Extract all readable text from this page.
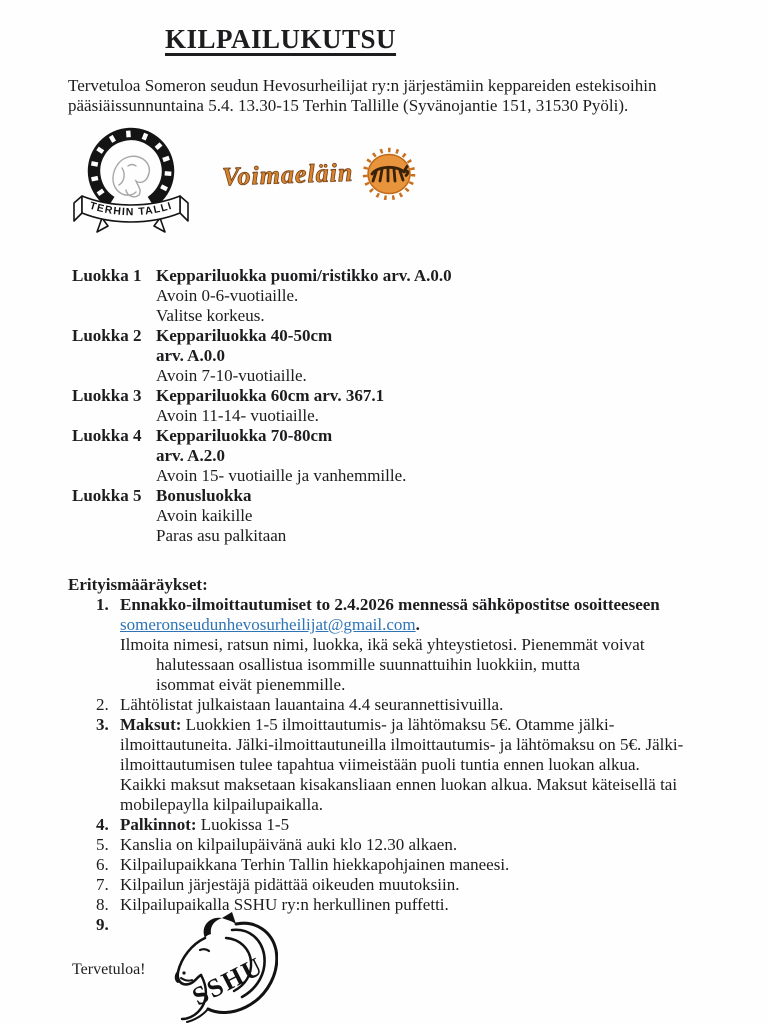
KILPAILUKUTSU

Tervetuloa Someron seudun Hevosurheilijat ry:n järjestämiin keppareiden estekisoihin pääsiäissunnuntaina 5.4. 13.30-15 Terhin Tallille (Syvänojantie 151, 31530 Pyöli).

TERHIN TALLI
Voimaeläin
Luokka 1 Keppariluokka puomi/ristikko arv. A.0.0
Avoin 0-6-vuotiaille.
Valitse korkeus.
Luokka 2 Keppariluokka 40-50cm
arv. A.0.0
Avoin 7-10-vuotiaille.
Luokka 3 Keppariluokka 60cm arv. 367.1
Avoin 11-14- vuotiaille.
Luokka 4 Keppariluokka 70-80cm
arv. A.2.0
Avoin 15- vuotiaille ja vanhemmille.
Luokka 5 Bonusluokka
Avoin kaikille
Paras asu palkitaan
Erityismääräykset:
1. Ennakko-ilmoittautumiset to 2.4.2026 mennessä sähköpostitse osoitteeseen someronseudunhevosurheilijat@gmail.com.
Ilmoita nimesi, ratsun nimi, luokka, ikä sekä yhteystietosi. Pienemmät voivat
halutessaan osallistua isommille suunnattuihin luokkiin, mutta
isommat eivät pienemmille.
2. Lähtölistat julkaistaan lauantaina 4.4 seurannettisivuilla.
3. Maksut: Luokkien 1-5 ilmoittautumis- ja lähtömaksu 5€. Otamme jälki-ilmoittautuneita. Jälki-ilmoittautuneilla ilmoittautumis- ja lähtömaksu on 5€. Jälki-ilmoittautumisen tulee tapahtua viimeistään puoli tuntia ennen luokan alkua. Kaikki maksut maksetaan kisakansliaan ennen luokan alkua. Maksut käteisellä tai mobilepaylla kilpailupaikalla.
4. Palkinnot: Luokissa 1-5
5. Kanslia on kilpailupäivänä auki klo 12.30 alkaen.
6. Kilpailupaikkana Terhin Tallin hiekkapohjainen maneesi.
7. Kilpailun järjestäjä pidättää oikeuden muutoksiin.
8. Kilpailupaikalla SSHU ry:n herkullinen puffetti.
9.
Tervetuloa! SSHU
